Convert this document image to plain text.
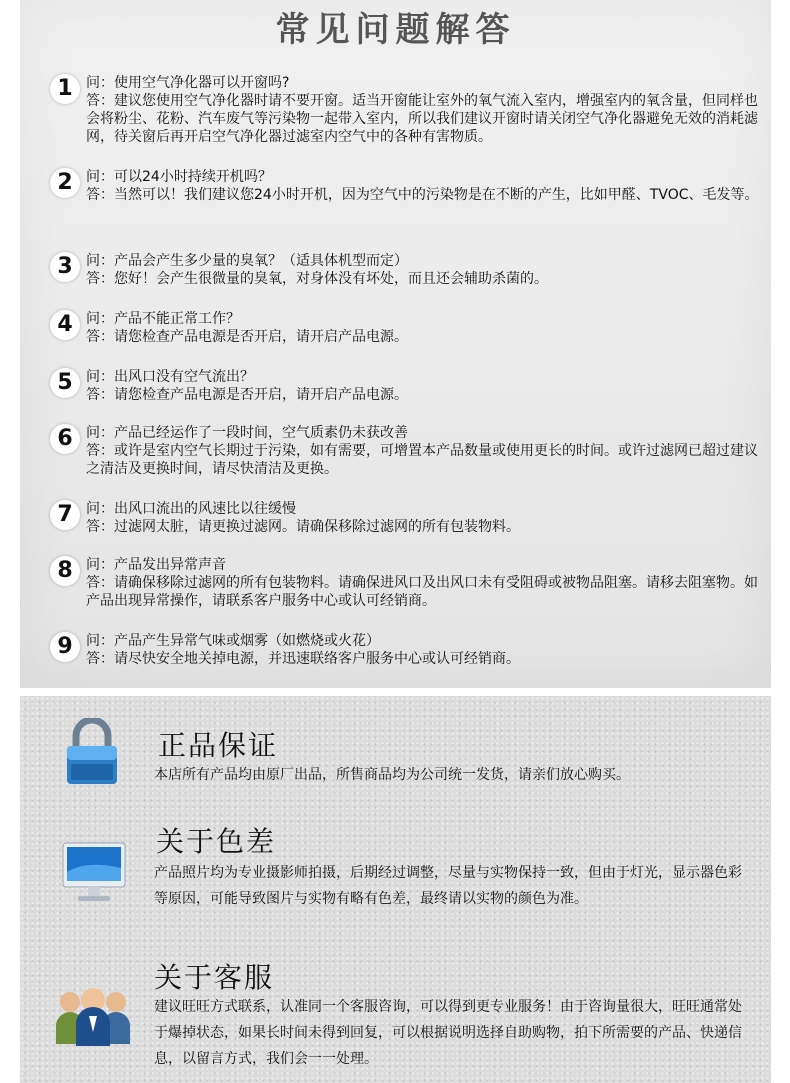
常见问题解答
1 问：使用空气净化器可以开窗吗?
答：建议您使用空气净化器时请不要开窗。适当开窗能让室外的氧气流入室内，增强室内的氧含量，但同样也会将粉尘、花粉、汽车废气等污染物一起带入室内，所以我们建议开窗时请关闭空气净化器避免无效的消耗滤网，待关窗后再开启空气净化器过滤室内空气中的各种有害物质。
2 问：可以24小时持续开机吗？
答：当然可以！我们建议您24小时开机，因为空气中的污染物是在不断的产生，比如甲醛、TVOC、毛发等。
3 问：产品会产生多少量的臭氧？（适具体机型而定）
答：您好！会产生很微量的臭氧，对身体没有坏处，而且还会辅助杀菌的。
4 问：产品不能正常工作？
答：请您检查产品电源是否开启，请开启产品电源。
5 问：出风口没有空气流出？
答：请您检查产品电源是否开启，请开启产品电源。
6 问：产品已经运作了一段时间，空气质素仍未获改善
答：或许是室内空气长期过于污染，如有需要，可增置本产品数量或使用更长的时间。或许过滤网已超过建议之清洁及更换时间，请尽快清洁及更换。
7 问：出风口流出的风速比以往缓慢
答：过滤网太脏，请更换过滤网。请确保移除过滤网的所有包装物料。
8 问：产品发出异常声音
答：请确保移除过滤网的所有包装物料。请确保进风口及出风口未有受阻碍或被物品阻塞。请移去阻塞物。如产品出现异常操作，请联系客户服务中心或认可经销商。
9 问：产品产生异常气味或烟雾（如燃烧或火花）
答：请尽快安全地关掉电源，并迅速联络客户服务中心或认可经销商。
正品保证

本店所有产品均由原厂出品，所售商品均为公司统一发货，请亲们放心购买。

关于色差

产品照片均为专业摄影师拍摄，后期经过调整，尽量与实物保持一致，但由于灯光，显示器色彩等原因，可能导致图片与实物有略有色差，最终请以实物的颜色为准。

关于客服

建议旺旺方式联系，认准同一个客服咨询，可以得到更专业服务！由于咨询量很大，旺旺通常处于爆掉状态，如果长时间未得到回复，可以根据说明选择自助购物，拍下所需要的产品、快递信息，以留言方式，我们会一一处理。
